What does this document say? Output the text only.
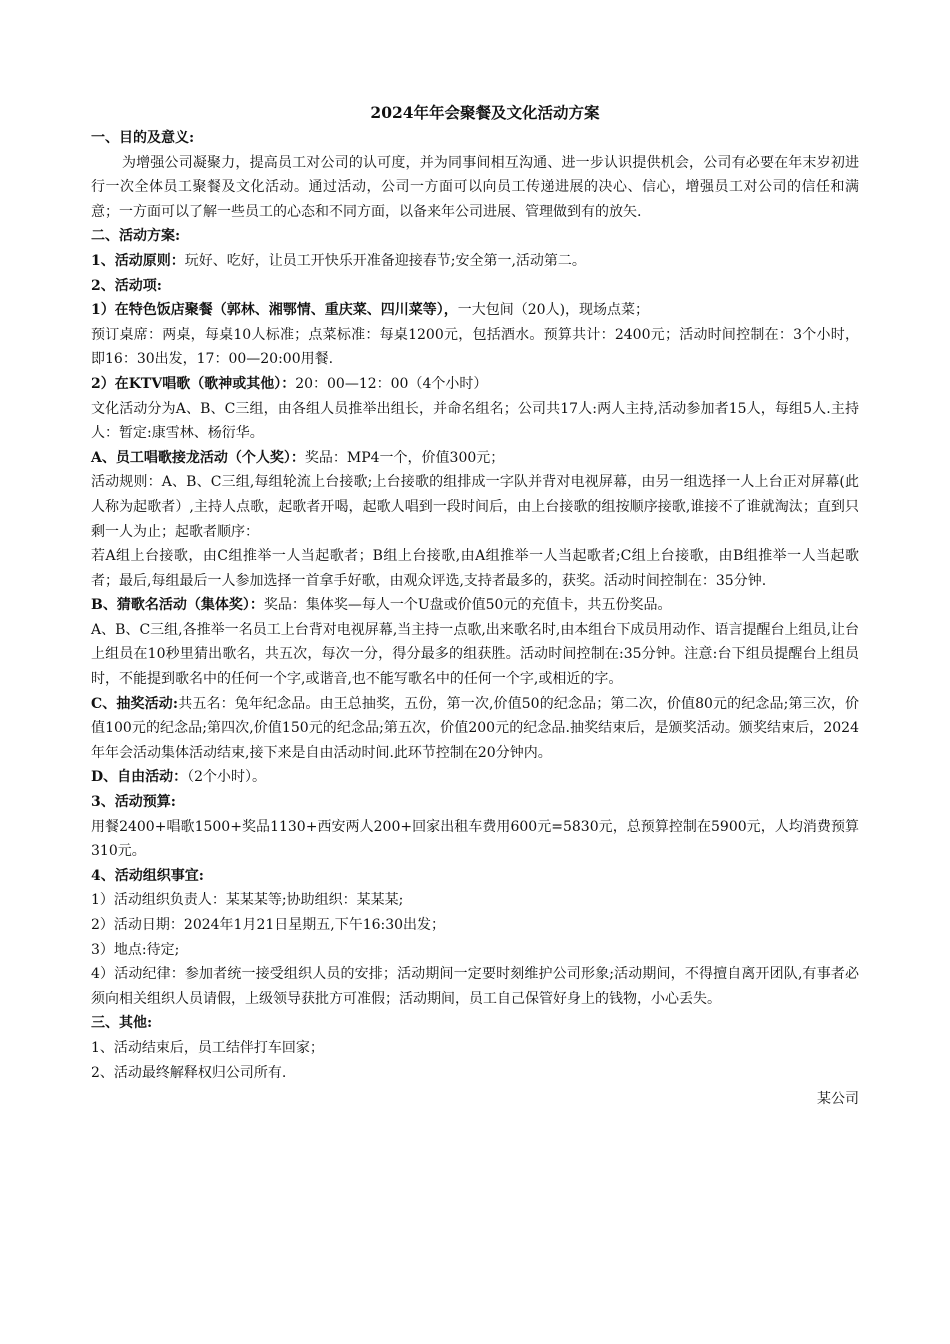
2024年年会聚餐及文化活动方案

一、目的及意义:

为增强公司凝聚力，提高员工对公司的认可度，并为同事间相互沟通、进一步认识提供机会，公司有必要在年末岁初进行一次全体员工聚餐及文化活动。通过活动，公司一方面可以向员工传递进展的决心、信心，增强员工对公司的信任和满意；一方面可以了解一些员工的心态和不同方面，以备来年公司进展、管理做到有的放矢.

二、活动方案:

1、活动原则：玩好、吃好，让员工开快乐开准备迎接春节;安全第一,活动第二。

2、活动项:

1）在特色饭店聚餐（郭林、湘鄂情、重庆菜、四川菜等），一大包间（20人)，现场点菜；

预订桌席：两桌，每桌10人标准；点菜标准：每桌1200元，包括酒水。预算共计：2400元；活动时间控制在：3个小时，即16：30出发，17：00—20:00用餐.

2）在KTV唱歌（歌神或其他）：20：00—12：00（4个小时）

文化活动分为A、B、C三组，由各组人员推举出组长，并命名组名；公司共17人:两人主持,活动参加者15人，每组5人.主持人：暂定:康雪林、杨衍华。

A、员工唱歌接龙活动（个人奖）：奖品：MP4一个，价值300元；

活动规则：A、B、C三组,每组轮流上台接歌;上台接歌的组排成一字队并背对电视屏幕，由另一组选择一人上台正对屏幕(此人称为起歌者）,主持人点歌，起歌者开喝，起歌人唱到一段时间后，由上台接歌的组按顺序接歌,谁接不了谁就淘汰；直到只剩一人为止；起歌者顺序：

若A组上台接歌，由C组推举一人当起歌者；B组上台接歌,由A组推举一人当起歌者;C组上台接歌，由B组推举一人当起歌者；最后,每组最后一人参加选择一首拿手好歌，由观众评选,支持者最多的，获奖。活动时间控制在：35分钟.

B、猜歌名活动（集体奖）：奖品：集体奖—每人一个U盘或价值50元的充值卡，共五份奖品。

A、B、C三组,各推举一名员工上台背对电视屏幕,当主持一点歌,出来歌名时,由本组台下成员用动作、语言提醒台上组员,让台上组员在10秒里猜出歌名，共五次，每次一分，得分最多的组获胜。活动时间控制在:35分钟。注意:台下组员提醒台上组员时，不能提到歌名中的任何一个字,或谐音,也不能写歌名中的任何一个字,或相近的字。

C、抽奖活动:共五名：兔年纪念品。由王总抽奖，五份，第一次,价值50的纪念品；第二次，价值80元的纪念品;第三次，价值100元的纪念品;第四次,价值150元的纪念品;第五次，价值200元的纪念品.抽奖结束后，是颁奖活动。颁奖结束后，2024年年会活动集体活动结束,接下来是自由活动时间.此环节控制在20分钟内。

D、自由活动：（2个小时）。

3、活动预算:

用餐2400+唱歌1500+奖品1130+西安两人200+回家出租车费用600元=5830元，总预算控制在5900元，人均消费预算310元。

4、活动组织事宜:

1）活动组织负责人：某某某等;协助组织：某某某;

2）活动日期：2024年1月21日星期五,下午16:30出发；

3）地点:待定;

4）活动纪律：参加者统一接受组织人员的安排；活动期间一定要时刻维护公司形象;活动期间，不得擅自离开团队,有事者必须向相关组织人员请假，上级领导获批方可准假；活动期间，员工自己保管好身上的钱物，小心丢失。

三、其他:

1、活动结束后，员工结伴打车回家；

2、活动最终解释权归公司所有.

某公司
